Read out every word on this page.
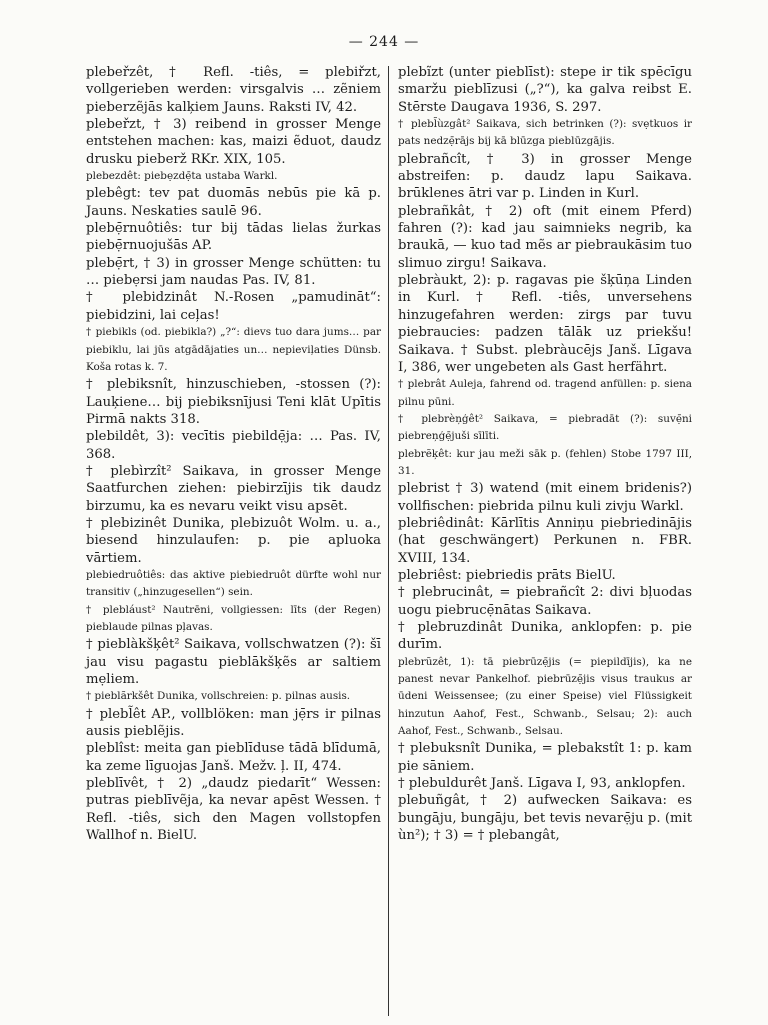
— 244 —

plebeřzêt, † Refl. -tiês, = plebiřzt, vollgerieben werden: virsgalvis … zẽniem pieberzẽjās kalķiem Jauns. Raksti IV, 42.

plebeřzt, † 3) reibend in grosser Menge entstehen machen: kas, maizi ẽduot, daudz drusku pieberž RKr. XIX, 105.

plebezdêt: piebẹzdẹ̄ta ustaba Warkl.

plebêgt: tev pat duomās nebūs pie kā p. Jauns. Neskaties saulē 96.

plebẹ̄rnuôtiês: tur bij tādas lielas žurkas piebẹ̄rnuojušās AP.

plebẹ̄rt, † 3) in grosser Menge schütten: tu … piebẹrsi jam naudas Pas. IV, 81.

† plebidzinât N.-Rosen „pamudināt“: piebidzini, lai ceļas!

† piebikls (od. piebikla?) „?“: dievs tuo dara jums… par piebiklu, lai jūs atgādājaties un… nepieviļaties Dünsb. Koša rotas k. 7.

† plebiksnît, hinzuschieben, -stossen (?): Lauķiene… bij piebiksnījusi Teni klāt Upītis Pirmā nakts 318.

plebildêt, 3): vecītis piebildẹ̄ja: … Pas. IV, 368.

† plebìrzît² Saikava, in grosser Menge Saatfurchen ziehen: piebirzījis tik daudz birzumu, ka es nevaru veikt visu apsēt.

† plebizinêt Dunika, plebizuôt Wolm. u. a., biesend hinzulaufen: p. pie apluoka vārtiem.

plebiedruôtiês: das aktive piebiedruôt dürfte wohl nur transitiv („hinzugesellen“) sein.

† plebláust² Nautrēni, vollgiessen: līts (der Regen) pieblaude pilnas pļavas.

† pieblàkšķêt² Saikava, vollschwatzen (?): šī jau visu pagastu pieblākšķẽs ar saltiem mẹliem.

† pieblãrkšêt Dunika, vollschreien: p. pilnas ausis.

† plebl̃êt AP., vollblöken: man jẹ̄rs ir pilnas ausis pieblẽjis.

pleblîst: meita gan pieblīduse tādā blīdumā, ka zeme līguojas Janš. Mežv. ļ. II, 474.

pleblīvêt, † 2) „daudz piedarīt“ Wessen: putras pieblīvẽja, ka nevar apēst Wessen. † Refl. -tiês, sich den Magen vollstopfen Wallhof n. BielU.

plebĩzt (unter pieblīst): stepe ir tik spēcīgu smaržu pieblīzusi („?“), ka galva reibst E. Stērste Daugava 1936, S. 297.

† plebl̃ùzgât² Saikava, sich betrinken (?): svẹtkuos ir pats nedzẹ̄rājs bij kā blūzga pieblūzgājis.

plebrañcît, † 3) in grosser Menge abstreifen: p. daudz lapu Saikava. brūklenes ātri var p. Linden in Kurl.

plebrañkât, † 2) oft (mit einem Pferd) fahren (?): kad jau saimnieks negrib, ka braukā, — kuo tad mẽs ar piebraukāsim tuo slimuo zirgu! Saikava.

plebràukt, 2): p. ragavas pie šķūņa Linden in Kurl. † Refl. -tiês, unversehens hinzugefahren werden: zirgs par tuvu piebraucies: padzen tālāk uz priekšu! Saikava. † Subst. plebràucējs Janš. Līgava I, 386, wer ungebeten als Gast herfährt.

† plebrât Auleja, fahrend od. tragend anfüllen: p. siena pilnu pūni.

† plebrèņģêt² Saikava, = piebradāt (?): suvẹ̄ni piebreņģẹ̄juši sīlīti.

plebrẽķêt: kur jau meži sāk p. (fehlen) Stobe 1797 III, 31.

plebrist † 3) watend (mit einem bridenis?) vollfischen: piebrida pilnu kuli zivju Warkl.

plebriêdinât: Kārlītis Anniņu piebriedinājis (hat geschwängert) Perkunen n. FBR. XVIII, 134.

plebriêst: piebriedis prāts BielU.

† plebrucinât, = piebrañcît 2: divi bļuodas uogu piebrucẹ̄nātas Saikava.

† plebruzdinât Dunika, anklopfen: p. pie durīm.

plebrũzêt, 1): tā piebrūzẹ̄jis (= piepildījis), ka ne panest nevar Pankelhof. piebrūzẹ̄jis visus traukus ar ūdeni Weissensee; (zu einer Speise) viel Flüssigkeit hinzutun Aahof, Fest., Schwanb., Selsau; 2): auch Aahof, Fest., Schwanb., Selsau.

† plebuksnît Dunika, = plebakstît 1: p. kam pie sāniem.

† plebuldurêt Janš. Līgava I, 93, anklopfen.

plebuñgât, † 2) aufwecken Saikava: es bungāju, bungāju, bet tevis nevarẹ̄ju p. (mit ùn²); † 3) = † plebangât,
